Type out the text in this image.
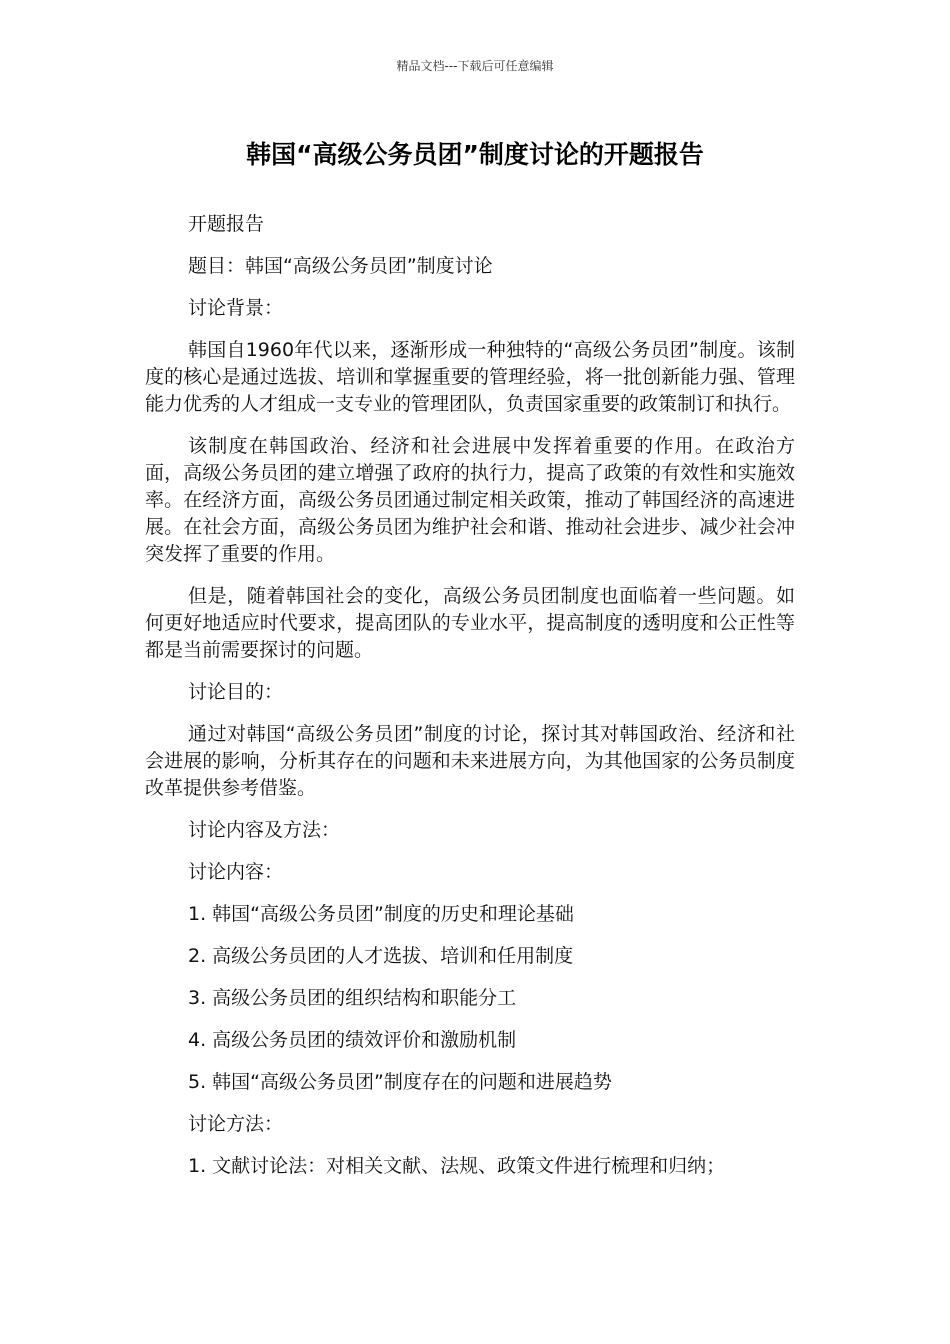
精品文档---下载后可任意编辑
韩国“高级公务员团”制度讨论的开题报告

开题报告

题目：韩国“高级公务员团”制度讨论

讨论背景：

韩国自1960年代以来，逐渐形成一种独特的“高级公务员团”制度。该制度的核心是通过选拔、培训和掌握重要的管理经验，将一批创新能力强、管理能力优秀的人才组成一支专业的管理团队，负责国家重要的政策制订和执行。

该制度在韩国政治、经济和社会进展中发挥着重要的作用。在政治方面，高级公务员团的建立增强了政府的执行力，提高了政策的有效性和实施效率。在经济方面，高级公务员团通过制定相关政策，推动了韩国经济的高速进展。在社会方面，高级公务员团为维护社会和谐、推动社会进步、减少社会冲突发挥了重要的作用。

但是，随着韩国社会的变化，高级公务员团制度也面临着一些问题。如何更好地适应时代要求，提高团队的专业水平，提高制度的透明度和公正性等都是当前需要探讨的问题。

讨论目的：

通过对韩国“高级公务员团”制度的讨论，探讨其对韩国政治、经济和社会进展的影响，分析其存在的问题和未来进展方向，为其他国家的公务员制度改革提供参考借鉴。

讨论内容及方法：

讨论内容：

1. 韩国“高级公务员团”制度的历史和理论基础

2. 高级公务员团的人才选拔、培训和任用制度

3. 高级公务员团的组织结构和职能分工

4. 高级公务员团的绩效评价和激励机制

5. 韩国“高级公务员团”制度存在的问题和进展趋势

讨论方法：

1. 文献讨论法：对相关文献、法规、政策文件进行梳理和归纳；
